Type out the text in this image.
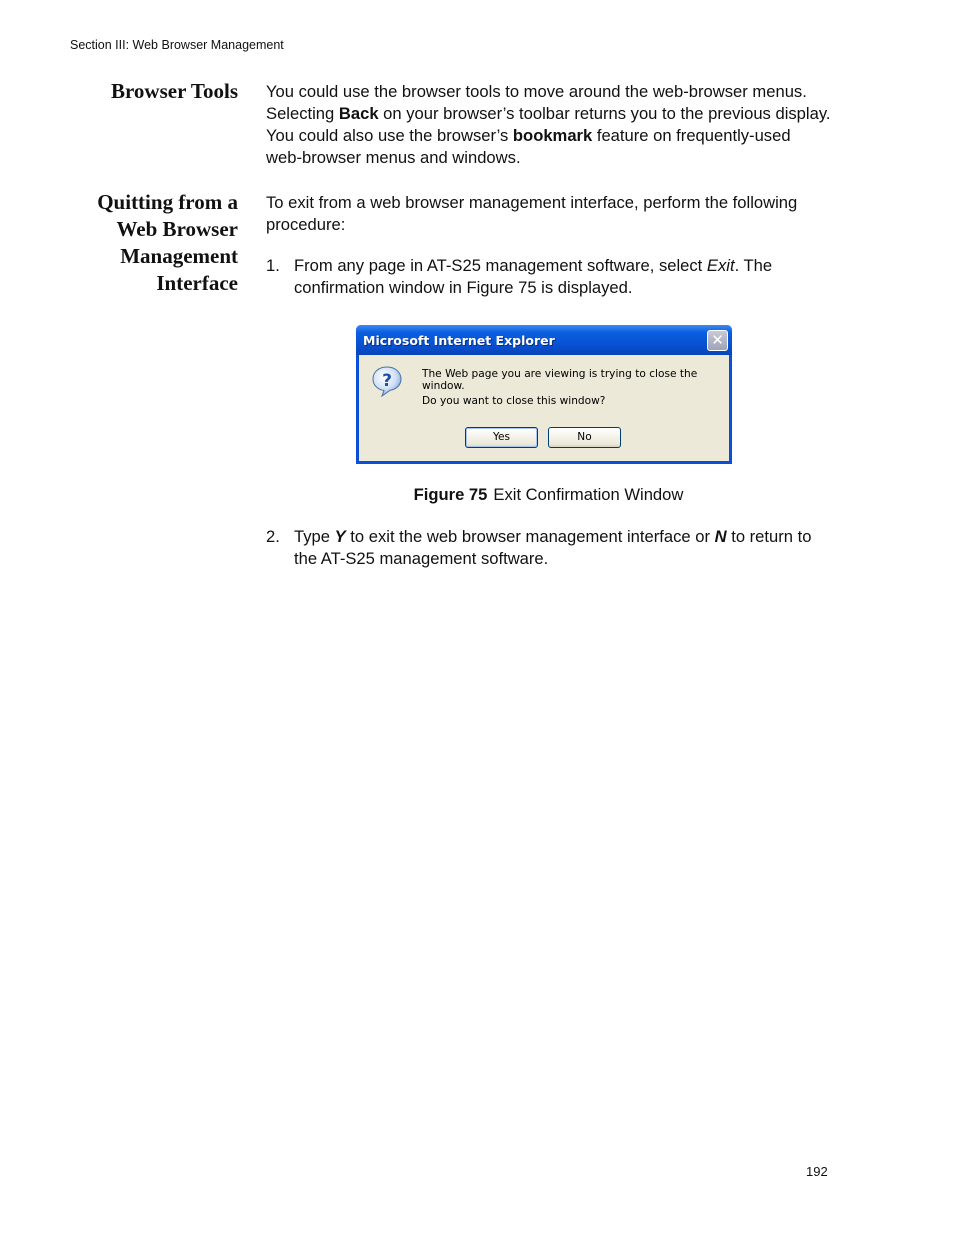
Section III: Web Browser Management
Browser Tools You could use the browser tools to move around the web-browser menus. Selecting Back on your browser’s toolbar returns you to the previous display. You could also use the browser’s bookmark feature on frequently-used web-browser menus and windows.
Quitting from a Web Browser Management Interface
To exit from a web browser management interface, perform the following procedure:
1. From any page in AT-S25 management software, select Exit. The confirmation window in Figure 75 is displayed.
Microsoft Internet Explorer	✕
?	The Web page you are viewing is trying to close the window.
Do you want to close this window?
Yes	No
Figure 75 Exit Confirmation Window
2. Type Y to exit the web browser management interface or N to return to the AT-S25 management software.
192
